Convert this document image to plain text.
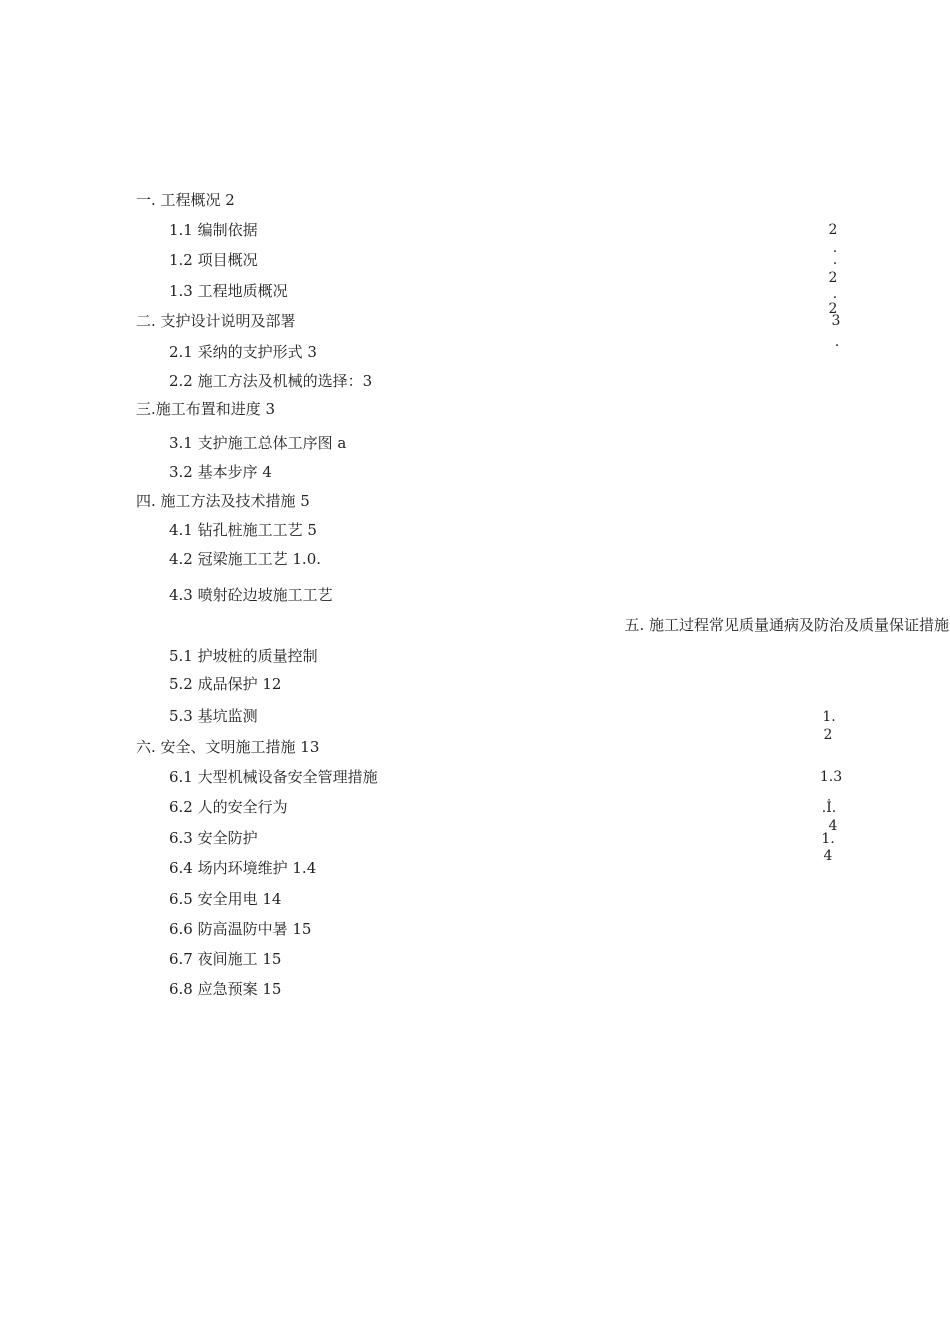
一. 工程概况 2
1.1 编制依据
1.2 项目概况
1.3 工程地质概况
二. 支护设计说明及部署
2.1 采纳的支护形式 3
2.2 施工方法及机械的选择：3
三.施工布置和进度 3
3.1 支护施工总体工序图 a
3.2 基本步序 4
四. 施工方法及技术措施 5
4.1 钻孔桩施工工艺 5
4.2 冠梁施工工艺 1.0.
4.3 喷射砼边坡施工工艺
五. 施工过程常见质量通病及防治及质量保证措施
5.1 护坡桩的质量控制
5.2 成品保护 12
5.3 基坑监测
六. 安全、文明施工措施 13
6.1 大型机械设备安全管理措施
6.2 人的安全行为
6.3 安全防护
6.4 场内环境维护 1.4
6.5 安全用电 14
6.6 防高温防中暑 15
6.7 夜间施工 15
6.8 应急预案 15
2
.
.
2
.
2
3
.
1.
2
1.3
.İ.
4
1.
4
